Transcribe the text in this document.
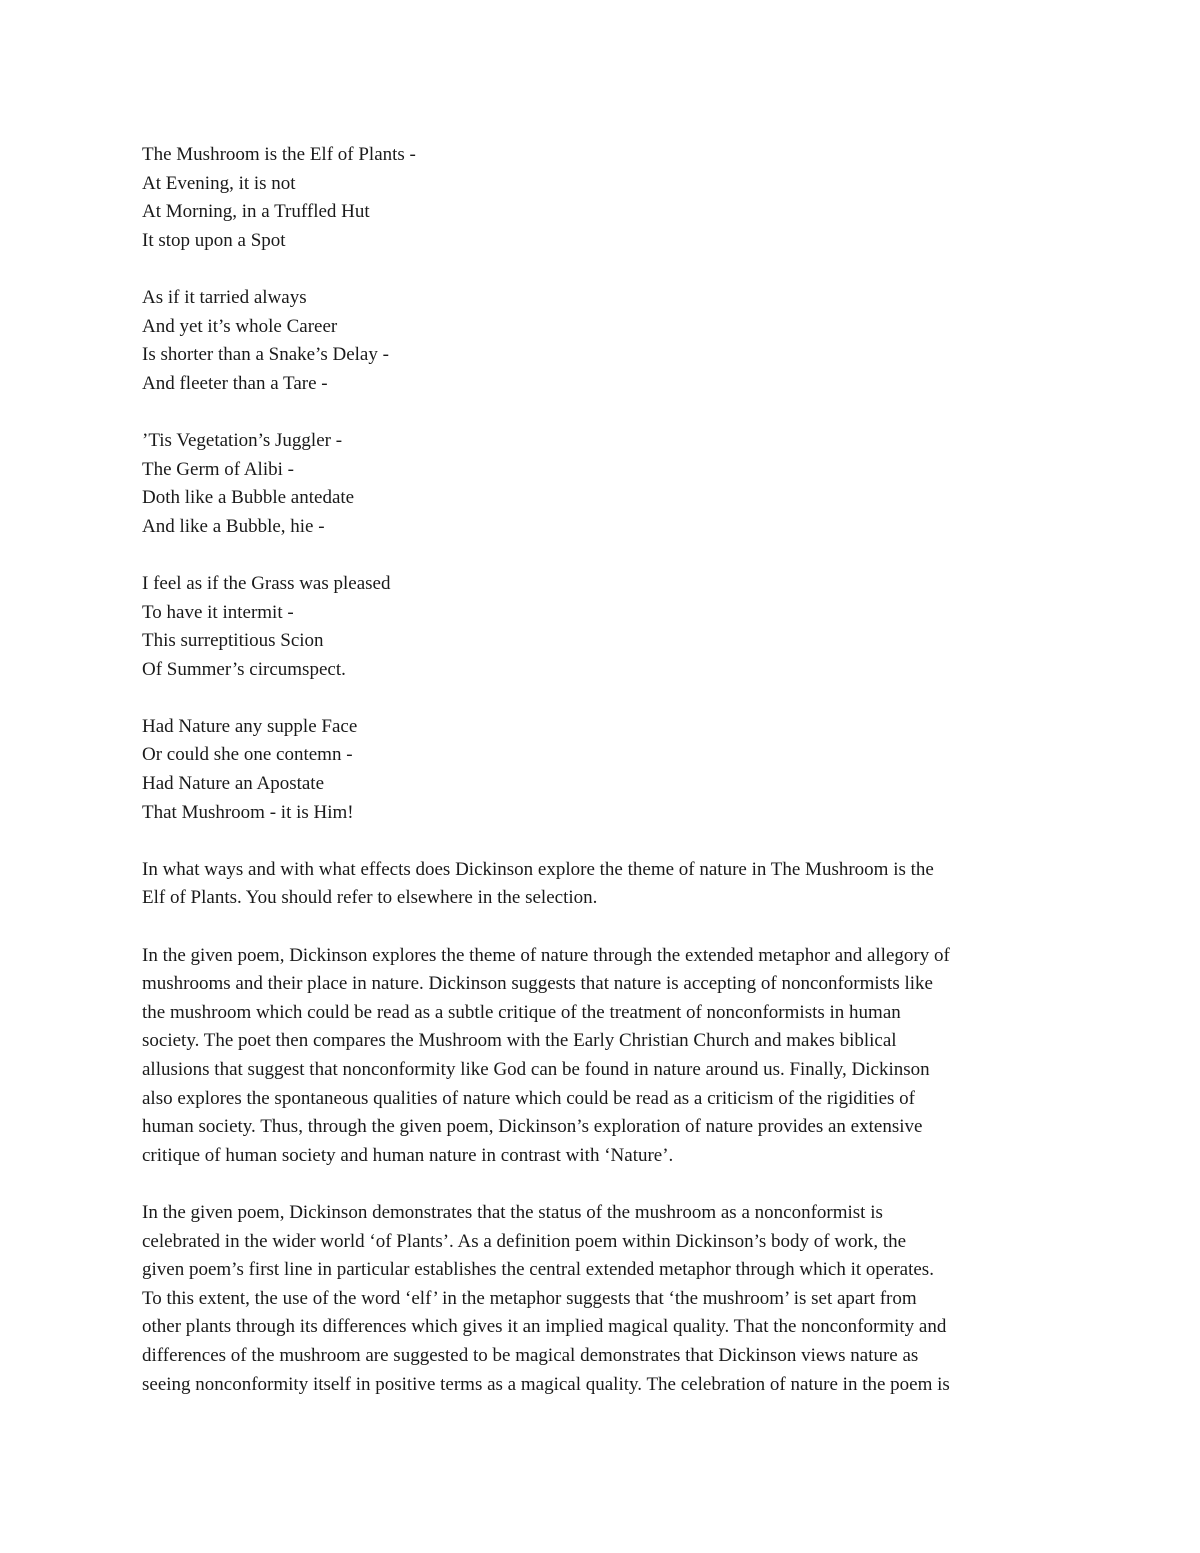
The Mushroom is the Elf of Plants -
At Evening, it is not
At Morning, in a Truffled Hut
It stop upon a Spot
As if it tarried always
And yet it’s whole Career
Is shorter than a Snake’s Delay -
And fleeter than a Tare -
’Tis Vegetation’s Juggler -
The Germ of Alibi -
Doth like a Bubble antedate
And like a Bubble, hie -
I feel as if the Grass was pleased
To have it intermit -
This surreptitious Scion
Of Summer’s circumspect.
Had Nature any supple Face
Or could she one contemn -
Had Nature an Apostate
That Mushroom - it is Him!
In what ways and with what effects does Dickinson explore the theme of nature in The Mushroom is the
Elf of Plants. You should refer to elsewhere in the selection.
In the given poem, Dickinson explores the theme of nature through the extended metaphor and allegory of
mushrooms and their place in nature. Dickinson suggests that nature is accepting of nonconformists like
the mushroom which could be read as a subtle critique of the treatment of nonconformists in human
society. The poet then compares the Mushroom with the Early Christian Church and makes biblical
allusions that suggest that nonconformity like God can be found in nature around us. Finally, Dickinson
also explores the spontaneous qualities of nature which could be read as a criticism of the rigidities of
human society. Thus, through the given poem, Dickinson’s exploration of nature provides an extensive
critique of human society and human nature in contrast with ‘Nature’.
In the given poem, Dickinson demonstrates that the status of the mushroom as a nonconformist is
celebrated in the wider world ‘of Plants’. As a definition poem within Dickinson’s body of work, the
given poem’s first line in particular establishes the central extended metaphor through which it operates.
To this extent, the use of the word ‘elf’ in the metaphor suggests that ‘the mushroom’ is set apart from
other plants through its differences which gives it an implied magical quality. That the nonconformity and
differences of the mushroom are suggested to be magical demonstrates that Dickinson views nature as
seeing nonconformity itself in positive terms as a magical quality. The celebration of nature in the poem is
